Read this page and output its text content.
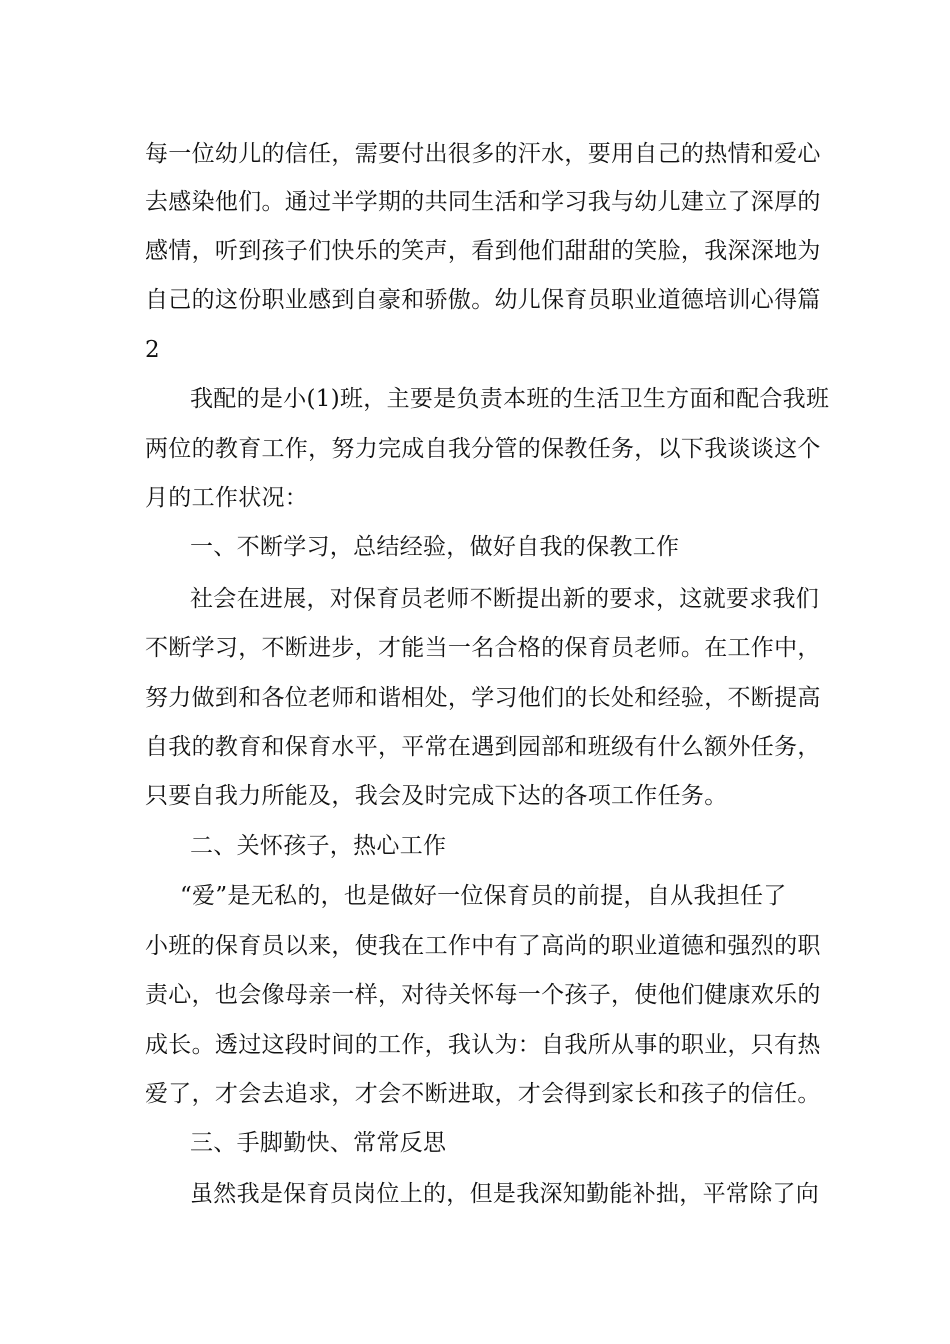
每一位幼儿的信任，需要付出很多的汗水，要用自己的热情和爱心
去感染他们。通过半学期的共同生活和学习我与幼儿建立了深厚的
感情，听到孩子们快乐的笑声，看到他们甜甜的笑脸，我深深地为
自己的这份职业感到自豪和骄傲。幼儿保育员职业道德培训心得篇
2
我配的是小(1)班，主要是负责本班的生活卫生方面和配合我班
两位的教育工作，努力完成自我分管的保教任务，以下我谈谈这个
月的工作状况：
一、不断学习，总结经验，做好自我的保教工作
社会在进展，对保育员老师不断提出新的要求，这就要求我们
不断学习，不断进步，才能当一名合格的保育员老师。在工作中，
努力做到和各位老师和谐相处，学习他们的长处和经验，不断提高
自我的教育和保育水平，平常在遇到园部和班级有什么额外任务，
只要自我力所能及，我会及时完成下达的各项工作任务。
二、关怀孩子，热心工作
“爱”是无私的，也是做好一位保育员的前提，自从我担任了
小班的保育员以来，使我在工作中有了高尚的职业道德和强烈的职
责心，也会像母亲一样，对待关怀每一个孩子，使他们健康欢乐的
成长。透过这段时间的工作，我认为：自我所从事的职业，只有热
爱了，才会去追求，才会不断进取，才会得到家长和孩子的信任。
三、手脚勤快、常常反思
虽然我是保育员岗位上的，但是我深知勤能补拙，平常除了向
